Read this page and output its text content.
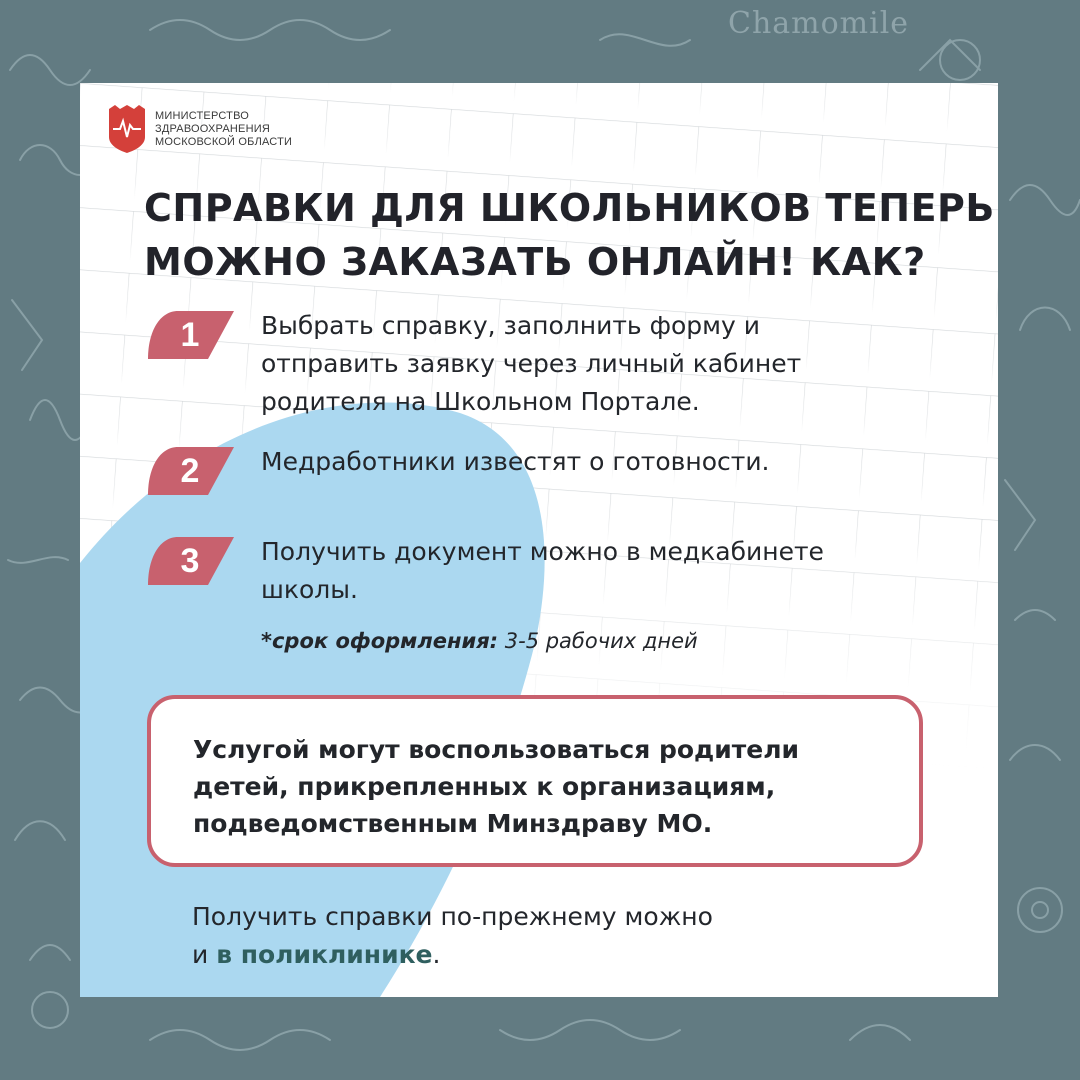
Chamomile
МИНИСТЕРСТВО
ЗДРАВООХРАНЕНИЯ
МОСКОВСКОЙ ОБЛАСТИ
СПРАВКИ ДЛЯ ШКОЛЬНИКОВ ТЕПЕРЬ
МОЖНО ЗАКАЗАТЬ ОНЛАЙН! КАК?
1	Выбрать справку, заполнить форму и
отправить заявку через личный кабинет
родителя на Школьном Портале.
2	Медработники известят о готовности.
3	Получить документ можно в медкабинете
школы.
*срок оформления: 3-5 рабочих дней
Услугой могут воспользоваться родители
детей, прикрепленных к организациям,
подведомственным Минздраву МО.
Получить справки по-прежнему можно
и в поликлинике.
